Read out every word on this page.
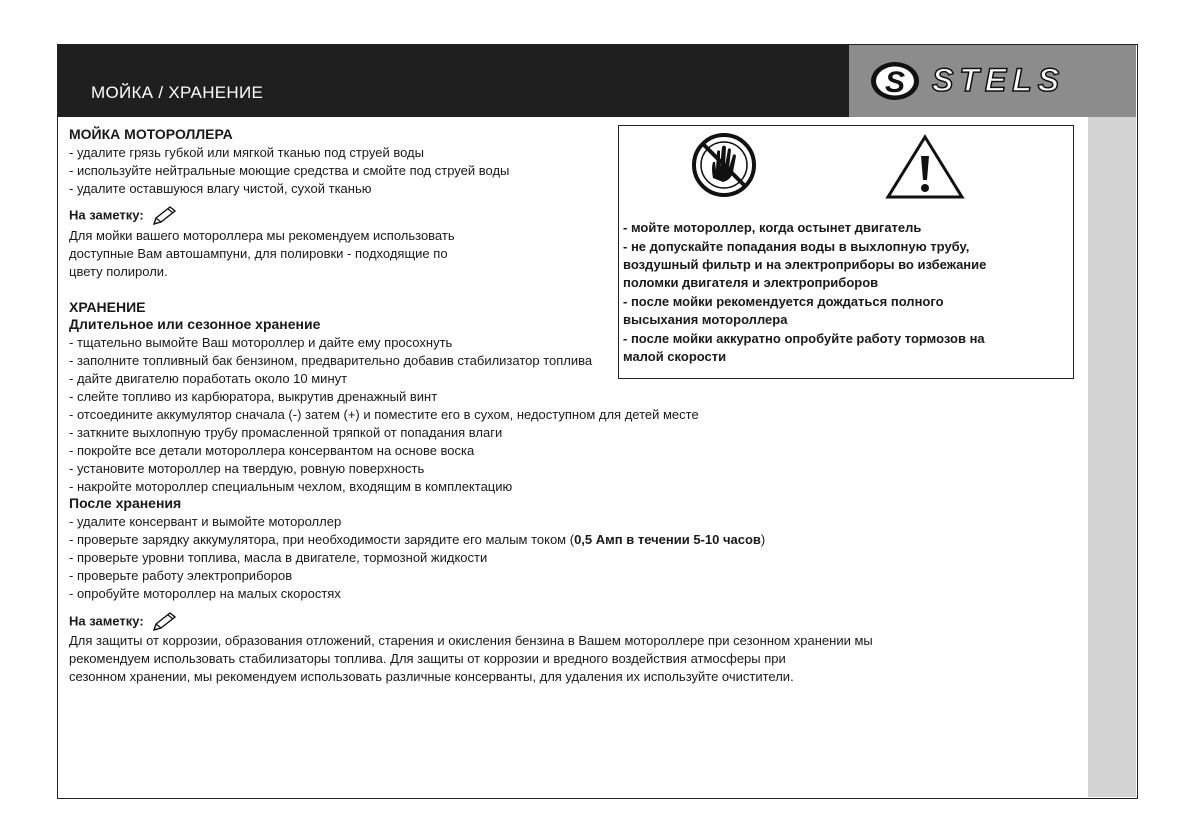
МОЙКА / ХРАНЕНИЕ	S STELS
МОЙКА МОТОРОЛЛЕРА
- удалите грязь губкой или мягкой тканью под струей воды
- используйте нейтральные моющие средства и смойте под струей воды
- удалите оставшуюся влагу чистой, сухой тканью
На заметку:
Для мойки вашего мотороллера мы рекомендуем использовать
доступные Вам автошампуни, для полировки - подходящие по
цвету полироли.
- мойте мотороллер, когда остынет двигатель
- не допускайте попадания воды в выхлопную трубу,
воздушный фильтр и на электроприборы во избежание
поломки двигателя и электроприборов
- после мойки рекомендуется дождаться полного
высыхания мотороллера
- после мойки аккуратно опробуйте работу тормозов на
малой скорости
ХРАНЕНИЕ
Длительное или сезонное хранение
- тщательно вымойте Ваш мотороллер и дайте ему просохнуть
- заполните топливный бак бензином, предварительно добавив стабилизатор топлива
- дайте двигателю поработать около 10 минут
- слейте топливо из карбюратора, выкрутив дренажный винт
- отсоедините аккумулятор сначала (-) затем (+) и поместите его в сухом, недоступном для детей месте
- заткните выхлопную трубу промасленной тряпкой от попадания влаги
- покройте все детали мотороллера консервантом на основе воска
- установите мотороллер на твердую, ровную поверхность
- накройте мотороллер специальным чехлом, входящим в комплектацию
После хранения
- удалите консервант и вымойте мотороллер
- проверьте зарядку аккумулятора, при необходимости зарядите его малым током (0,5 Амп в течении 5-10 часов)
- проверьте уровни топлива, масла в двигателе, тормозной жидкости
- проверьте работу электроприборов
- опробуйте мотороллер на малых скоростях
На заметку:
Для защиты от коррозии, образования отложений, старения и окисления бензина в Вашем мотороллере при сезонном хранении мы
рекомендуем использовать стабилизаторы топлива. Для защиты от коррозии и вредного воздействия атмосферы при
сезонном хранении, мы рекомендуем использовать различные консерванты, для удаления их используйте очистители.
